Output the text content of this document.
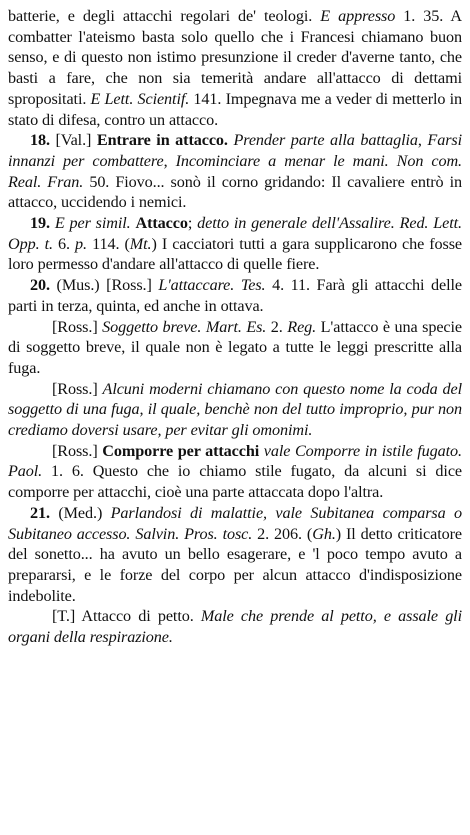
batterie, e degli attacchi regolari de' teologi. E appresso 1. 35. A combatter l'ateismo basta solo quello che i Francesi chiamano buon senso, e di questo non istimo presunzione il creder d'averne tanto, che basti a fare, che non sia temerità andare all'attacco di dettami spropositati. E Lett. Scientif. 141. Impegnava me a veder di metterlo in stato di difesa, contro un attacco.

18. [Val.] Entrare in attacco. Prender parte alla battaglia, Farsi innanzi per combattere, Incominciare a menar le mani. Non com. Real. Fran. 50. Fiovo... sonò il corno gridando: Il cavaliere entrò in attacco, uccidendo i nemici.

19. E per simil. Attacco; detto in generale dell'Assalire. Red. Lett. Opp. t. 6. p. 114. (Mt.) I cacciatori tutti a gara supplicarono che fosse loro permesso d'andare all'attacco di quelle fiere.

20. (Mus.) [Ross.] L'attaccare. Tes. 4. 11. Farà gli attacchi delle parti in terza, quinta, ed anche in ottava.

[Ross.] Soggetto breve. Mart. Es. 2. Reg. L'attacco è una specie di soggetto breve, il quale non è legato a tutte le leggi prescritte alla fuga.

[Ross.] Alcuni moderni chiamano con questo nome la coda del soggetto di una fuga, il quale, benchè non del tutto improprio, pur non crediamo doversi usare, per evitar gli omonimi.

[Ross.] Comporre per attacchi vale Comporre in istile fugato. Paol. 1. 6. Questo che io chiamo stile fugato, da alcuni si dice comporre per attacchi, cioè una parte attaccata dopo l'altra.

21. (Med.) Parlandosi di malattie, vale Subitanea comparsa o Subitaneo accesso. Salvin. Pros. tosc. 2. 206. (Gh.) Il detto criticatore del sonetto... ha avuto un bello esagerare, e 'l poco tempo avuto a prepararsi, e le forze del corpo per alcun attacco d'indisposizione indebolite.

[T.] Attacco di petto. Male che prende al petto, e assale gli organi della respirazione.
